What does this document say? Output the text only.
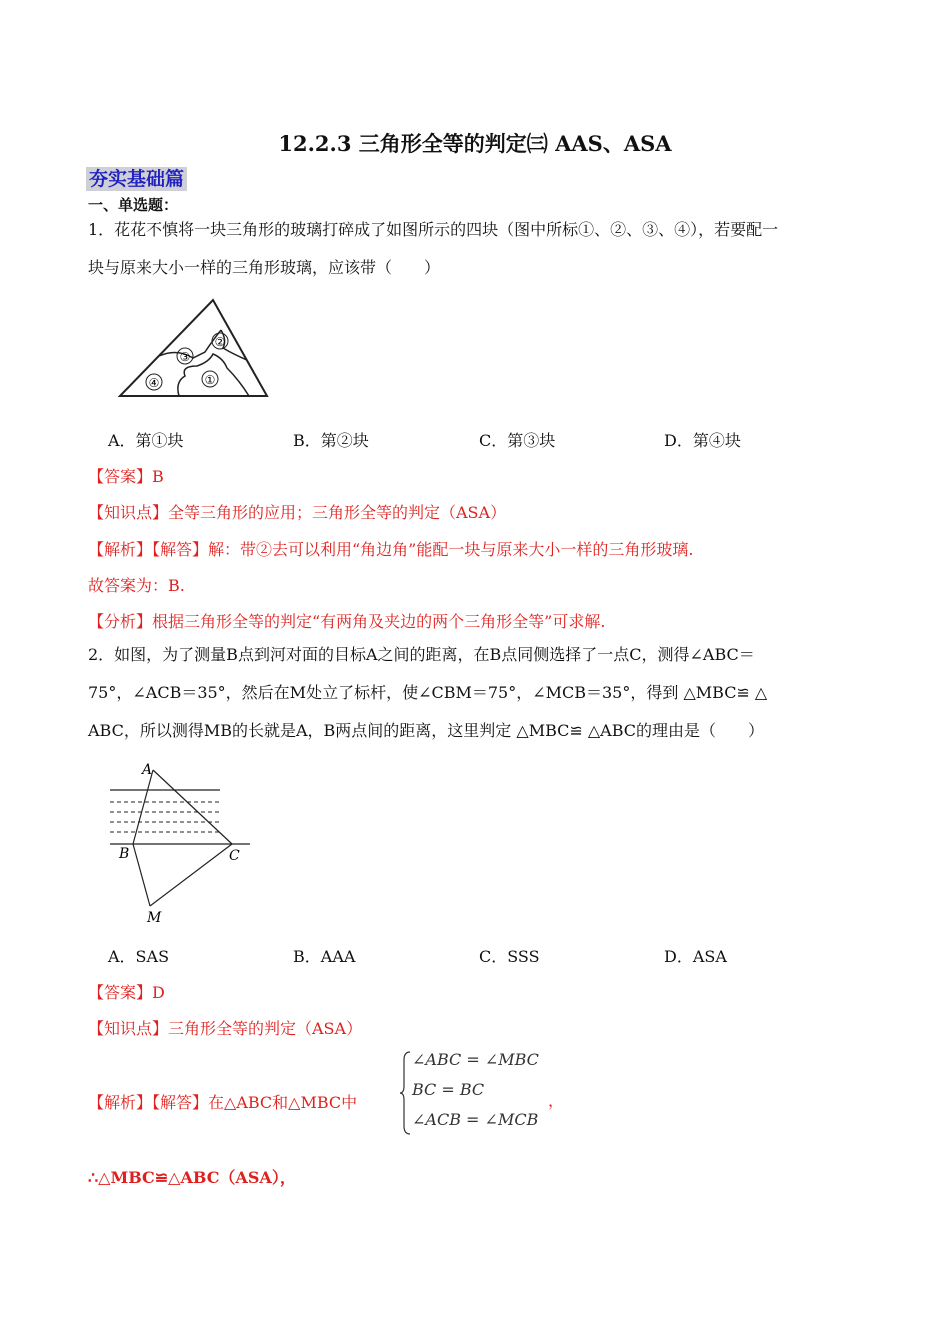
12.2.3 三角形全等的判定㈢ AAS、ASA
夯实基础篇
一、单选题：
1．花花不慎将一块三角形的玻璃打碎成了如图所示的四块（图中所标①、②、③、④），若要配一
块与原来大小一样的三角形玻璃，应该带（　　）
③
②
④	①
A．第①块	B．第②块	C．第③块	D．第④块
【答案】B
【知识点】全等三角形的应用；三角形全等的判定（ASA）
【解析】【解答】解：带②去可以利用“角边角”能配一块与原来大小一样的三角形玻璃.
故答案为：B.
【分析】根据三角形全等的判定“有两角及夹边的两个三角形全等”可求解.
2．如图，为了测量B点到河对面的目标A之间的距离，在B点同侧选择了一点C，测得∠ABC＝
75°，∠ACB＝35°，然后在M处立了标杆，使∠CBM＝75°，∠MCB＝35°，得到 △MBC≌ △
ABC，所以测得MB的长就是A，B两点间的距离，这里判定 △MBC≌ △ABC的理由是（　　）
A
B	C
M
A．SAS	B．AAA	C．SSS	D．ASA
【答案】D
【知识点】三角形全等的判定（ASA）
【解析】【解答】在△ABC和△MBC中
∠ABC = ∠MBC
BC = BC
∠ACB = ∠MCB
，
∴△MBC≌△ABC（ASA），
